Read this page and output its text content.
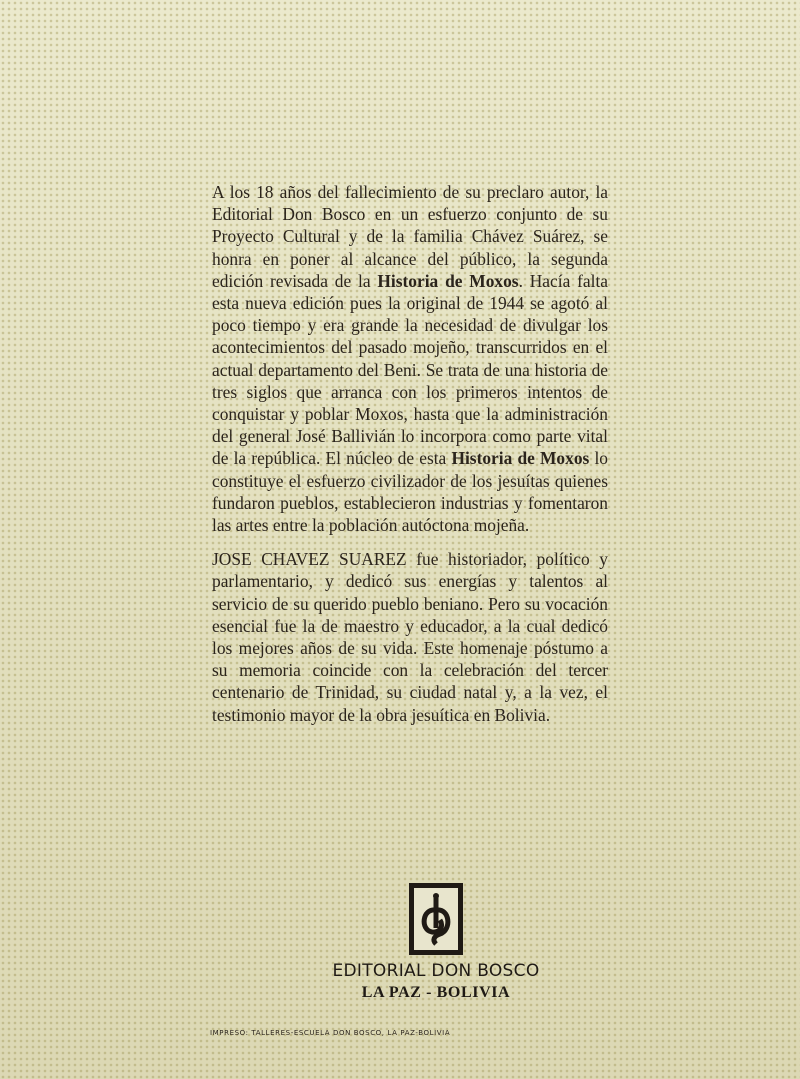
A los 18 años del fallecimiento de su preclaro autor, la Editorial Don Bosco en un esfuerzo conjunto de su Proyecto Cultural y de la familia Chávez Suárez, se honra en poner al alcance del público, la segunda edición revisada de la Historia de Moxos. Hacía falta esta nueva edición pues la original de 1944 se agotó al poco tiempo y era grande la necesidad de divulgar los acontecimientos del pasado mojeño, transcurridos en el actual departamento del Beni. Se trata de una historia de tres siglos que arranca con los primeros intentos de conquistar y poblar Moxos, hasta que la administración del general José Ballivián lo incorpora como parte vital de la república. El núcleo de esta Historia de Moxos lo constituye el esfuerzo civilizador de los jesuítas quienes fundaron pueblos, establecieron industrias y fomentaron las artes entre la población autóctona mojeña.

JOSE CHAVEZ SUAREZ fue historiador, político y parlamentario, y dedicó sus energías y talentos al servicio de su querido pueblo beniano. Pero su vocación esencial fue la de maestro y educador, a la cual dedicó los mejores años de su vida. Este homenaje póstumo a su memoria coincide con la celebración del tercer centenario de Trinidad, su ciudad natal y, a la vez, el testimonio mayor de la obra jesuítica en Bolivia.

EDITORIAL DON BOSCO
LA PAZ - BOLIVIA
IMPRESO: TALLERES-ESCUELA DON BOSCO, LA PAZ-BOLIVIA
